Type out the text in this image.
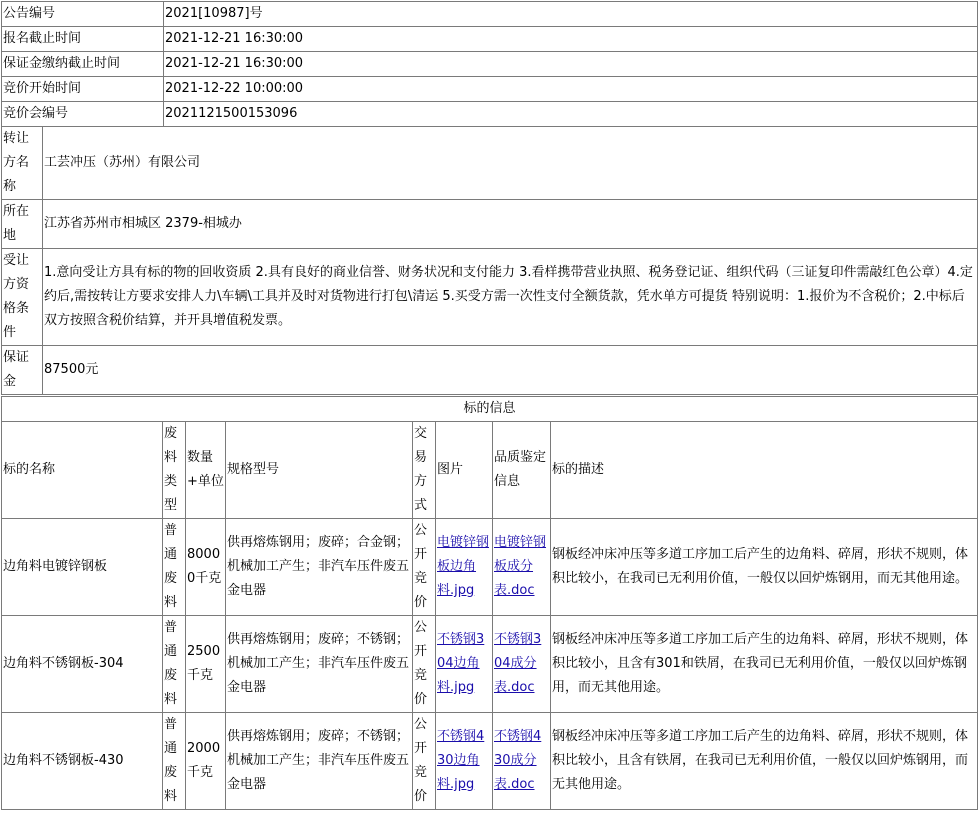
公告编号	2021[10987]号
报名截止时间	2021-12-21 16:30:00
保证金缴纳截止时间	2021-12-21 16:30:00
竞价开始时间	2021-12-22 10:00:00
竞价会编号	2021121500153096
转让方名称	工芸冲压（苏州）有限公司
所在地	江苏省苏州市相城区 2379-相城办
受让方资格条件	1.意向受让方具有标的物的回收资质 2.具有良好的商业信誉、财务状况和支付能力 3.看样携带营业执照、税务登记证、组织代码（三证复印件需敲红色公章）4.定约后,需按转让方要求安排人力\车辆\工具并及时对货物进行打包\清运 5.买受方需一次性支付全额货款，凭水单方可提货 特别说明：1.报价为不含税价；2.中标后双方按照含税价结算，并开具增值税发票。
保证金	87500元
标的信息							
标的名称	废料类型	数量+单位	规格型号	交易方式	图片	品质鉴定信息	标的描述
边角料电镀锌钢板	普通废料	80000千克	供再熔炼钢用；废碎；合金钢；机械加工产生；非汽车压件废五金电器	公开竞价	电镀锌钢板边角料.jpg	电镀锌钢板成分表.doc	钢板经冲床冲压等多道工序加工后产生的边角料、碎屑，形状不规则，体积比较小，在我司已无利用价值，一般仅以回炉炼钢用，而无其他用途。
边角料不锈钢板-304	普通废料	2500千克	供再熔炼钢用；废碎；不锈钢；机械加工产生；非汽车压件废五金电器	公开竞价	不锈钢304边角料.jpg	不锈钢304成分表.doc	钢板经冲床冲压等多道工序加工后产生的边角料、碎屑，形状不规则，体积比较小，且含有301和铁屑，在我司已无利用价值，一般仅以回炉炼钢用，而无其他用途。
边角料不锈钢板-430	普通废料	2000千克	供再熔炼钢用；废碎；不锈钢；机械加工产生；非汽车压件废五金电器	公开竞价	不锈钢430边角料.jpg	不锈钢430成分表.doc	钢板经冲床冲压等多道工序加工后产生的边角料、碎屑，形状不规则，体积比较小，且含有铁屑，在我司已无利用价值，一般仅以回炉炼钢用，而无其他用途。
